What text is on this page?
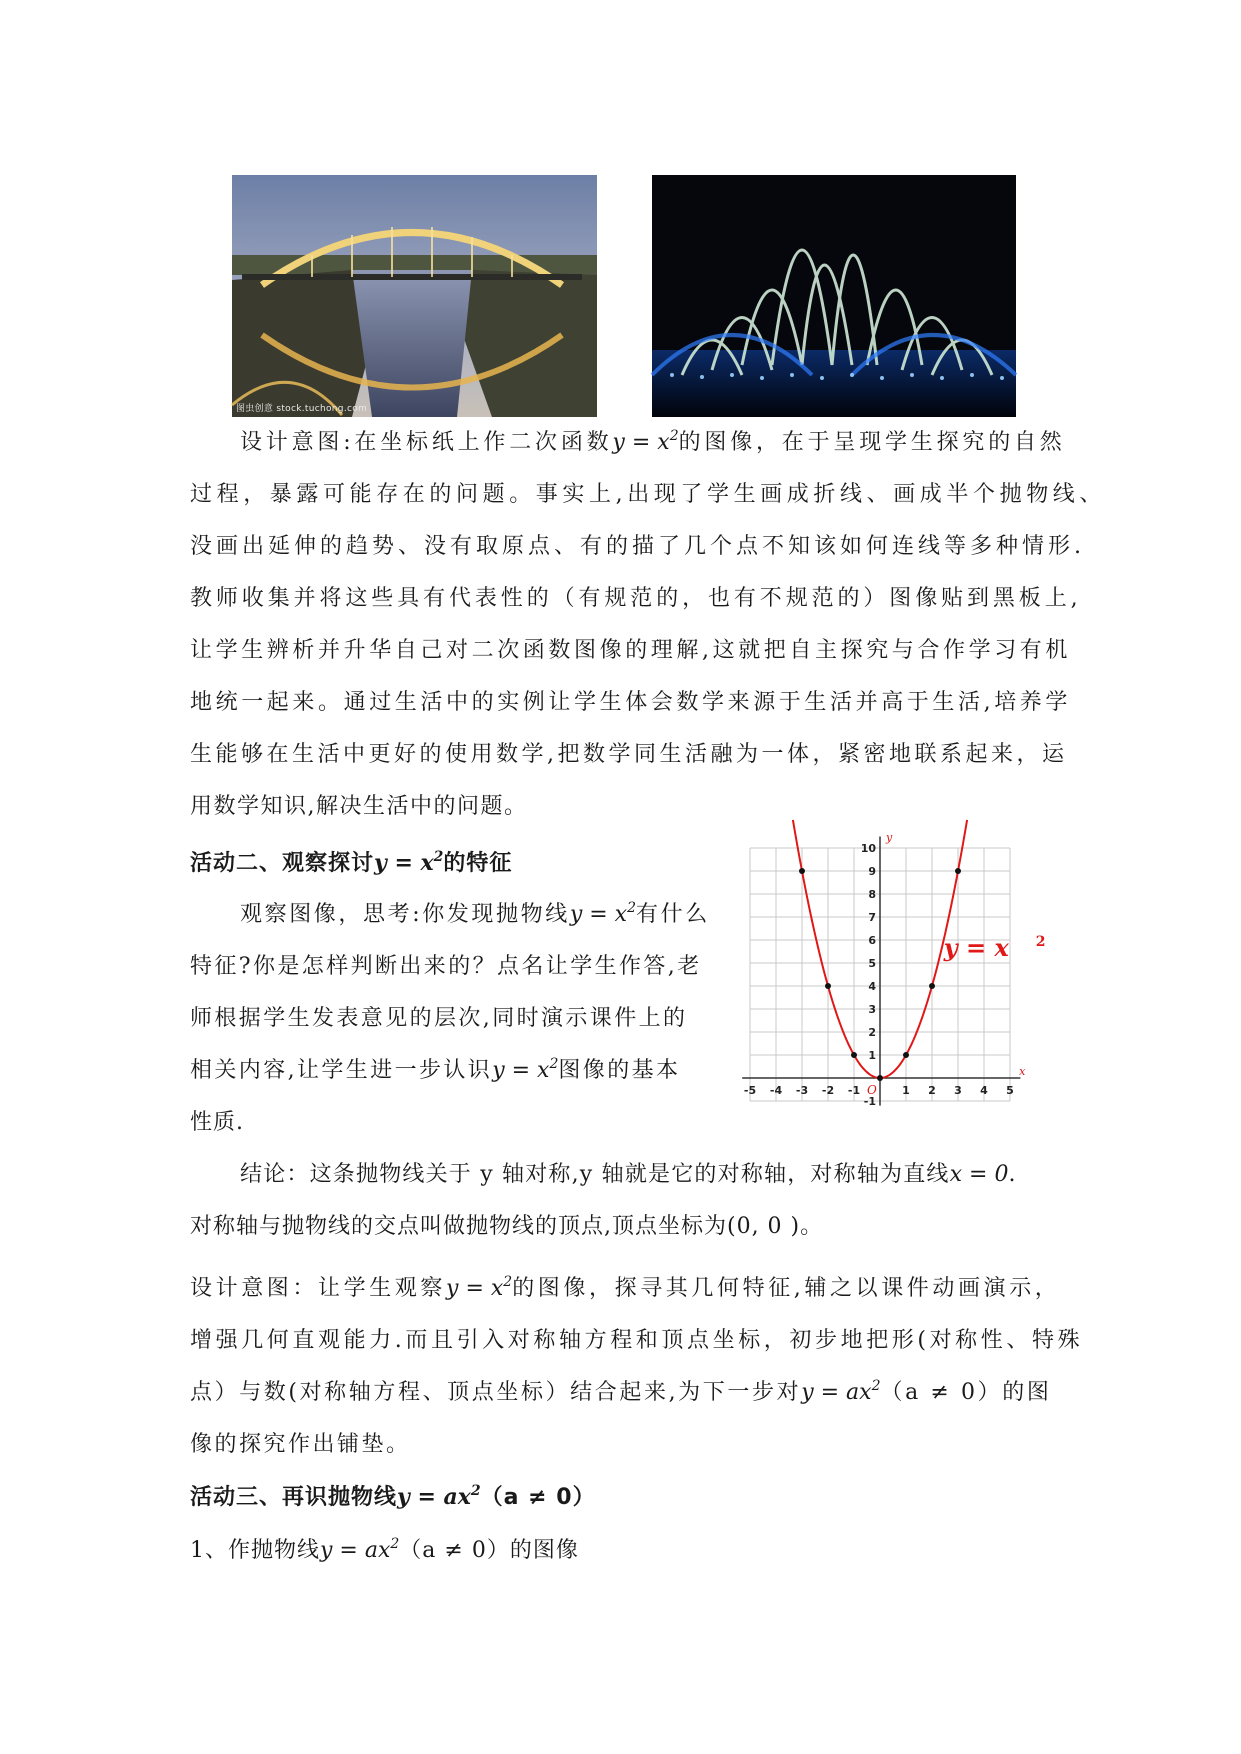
图虫创意 stock.tuchong.com
设计意图:在坐标纸上作二次函数$y = x^2$的图像，在于呈现学生探究的自然
过程，暴露可能存在的问题。事实上,出现了学生画成折线、画成半个抛物线、
没画出延伸的趋势、没有取原点、有的描了几个点不知该如何连线等多种情形.
教师收集并将这些具有代表性的（有规范的，也有不规范的）图像贴到黑板上,
让学生辨析并升华自己对二次函数图像的理解,这就把自主探究与合作学习有机
地统一起来。通过生活中的实例让学生体会数学来源于生活并高于生活,培养学
生能够在生活中更好的使用数学,把数学同生活融为一体，紧密地联系起来，运
用数学知识,解决生活中的问题。
活动二、观察探讨$y = x^2$的特征
观察图像，思考:你发现抛物线$y = x^2$有什么
特征?你是怎样判断出来的？点名让学生作答,老
师根据学生发表意见的层次,同时演示课件上的
相关内容,让学生进一步认识$y = x^2$图像的基本
性质.
结论：这条抛物线关于 y 轴对称,y 轴就是它的对称轴，对称轴为直线x = 0.
对称轴与抛物线的交点叫做抛物线的顶点,顶点坐标为(0, 0 )。
设计意图：让学生观察$y = x^2$的图像，探寻其几何特征,辅之以课件动画演示，
增强几何直观能力.而且引入对称轴方程和顶点坐标，初步地把形(对称性、特殊
点）与数(对称轴方程、顶点坐标）结合起来,为下一步对$y = ax^2(a \ne 0)$的图
像的探究作出铺垫。
活动三、再识抛物线$y = ax^2(a \ne 0)$
1、作抛物线$y = ax^2(a \ne 0)$的图像
-5 -4 -3 -2 -1	1 2 3 4 5
-1
1
2
3
4
5
6
7
8
9
10
O
y
x
y = x 2
